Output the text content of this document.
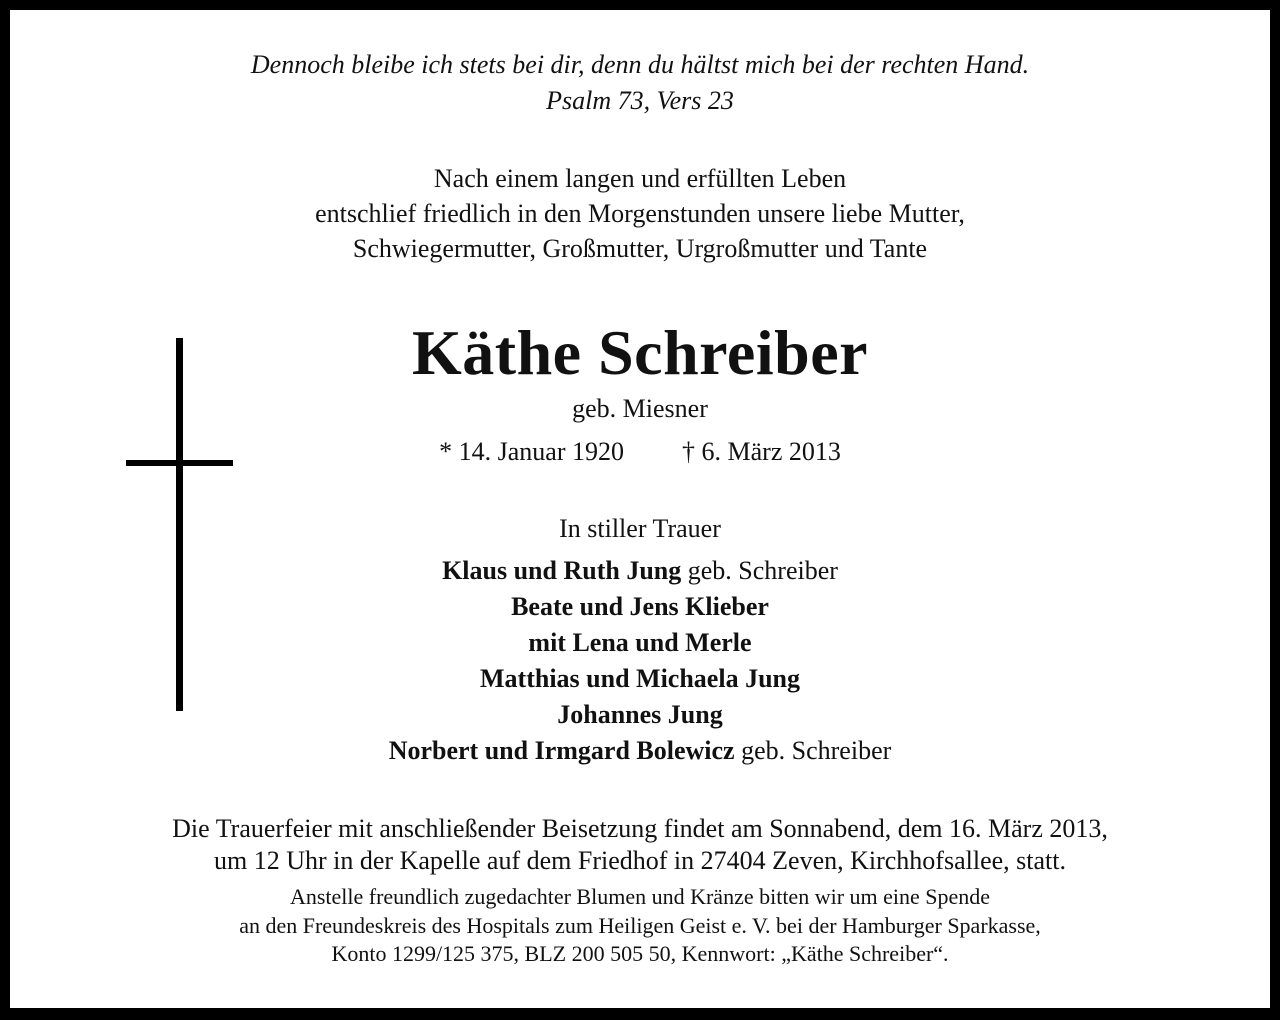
Dennoch bleibe ich stets bei dir, denn du hältst mich bei der rechten Hand.
Psalm 73, Vers 23
Nach einem langen und erfüllten Leben
entschlief friedlich in den Morgenstunden unsere liebe Mutter,
Schwiegermutter, Großmutter, Urgroßmutter und Tante
Käthe Schreiber
geb. Miesner
* 14. Januar 1920 † 6. März 2013
In stiller Trauer
Klaus und Ruth Jung geb. Schreiber
Beate und Jens Klieber
mit Lena und Merle
Matthias und Michaela Jung
Johannes Jung
Norbert und Irmgard Bolewicz geb. Schreiber
Die Trauerfeier mit anschließender Beisetzung findet am Sonnabend, dem 16. März 2013,
um 12 Uhr in der Kapelle auf dem Friedhof in 27404 Zeven, Kirchhofsallee, statt.
Anstelle freundlich zugedachter Blumen und Kränze bitten wir um eine Spende
an den Freundeskreis des Hospitals zum Heiligen Geist e. V. bei der Hamburger Sparkasse,
Konto 1299/125 375, BLZ 200 505 50, Kennwort: „Käthe Schreiber“.
